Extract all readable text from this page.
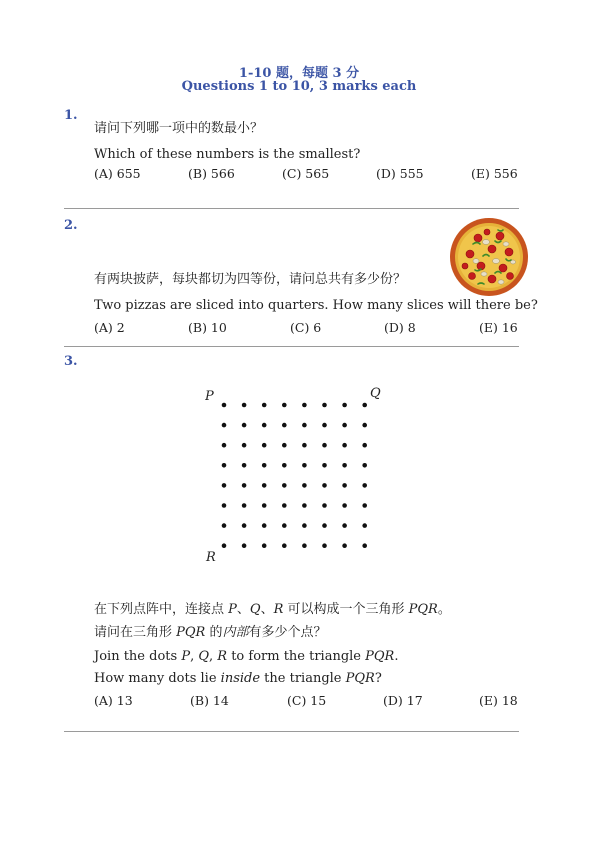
1-10 题，每题 3 分
Questions 1 to 10, 3 marks each
1.
请问下列哪一项中的数最小？
Which of these numbers is the smallest?
(A) 655	(B) 566	(C) 565	(D) 555	(E) 556
2.
有两块披萨，每块都切为四等份，请问总共有多少份？
Two pizzas are sliced into quarters. How many slices will there be?
(A) 2	(B) 10	(C) 6	(D) 8	(E) 16
3.
P	Q
R
在下列点阵中，连接点 P、Q、R 可以构成一个三角形 PQR。
请问在三角形 PQR 的内部有多少个点？
Join the dots P, Q, R to form the triangle PQR.
How many dots lie inside the triangle PQR?
(A) 13	(B) 14	(C) 15	(D) 17	(E) 18
